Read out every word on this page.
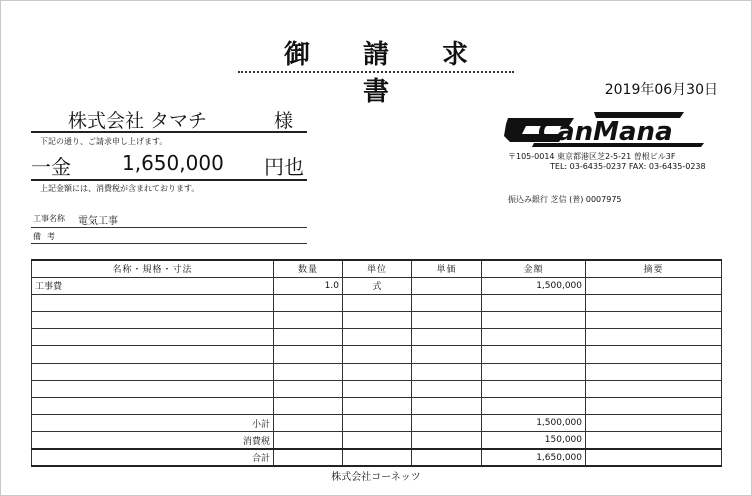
御 請 求 書	2019年06月30日
株式会社 タマチ	様
下記の通り、ご請求申し上げます。
一金	1,650,000 円也
上記金額には、消費税が含まれております。
工事名称 電気工事
備考
CanMana
〒105-0014 東京都港区芝2-5-21 曽根ビル3F
TEL: 03-6435-0237 FAX: 03-6435-0238
振込み銀行 芝信 (普) 0007975
名称・規格・寸法	数量	単位	単価	金額	摘要
工事費	1.0	式		1,500,000	

小計				1,500,000	
消費税				150,000	
合計				1,650,000	
株式会社コーネッツ
